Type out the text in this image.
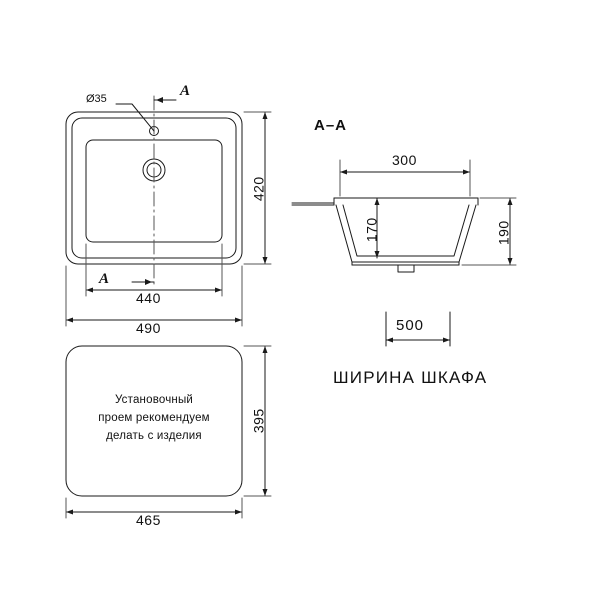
Ø35	A
A
440
490
420
A–A
300
170	190
500
ШИРИНА ШКАФА
Установочный
проем рекомендуем
делать с изделия
465
395
